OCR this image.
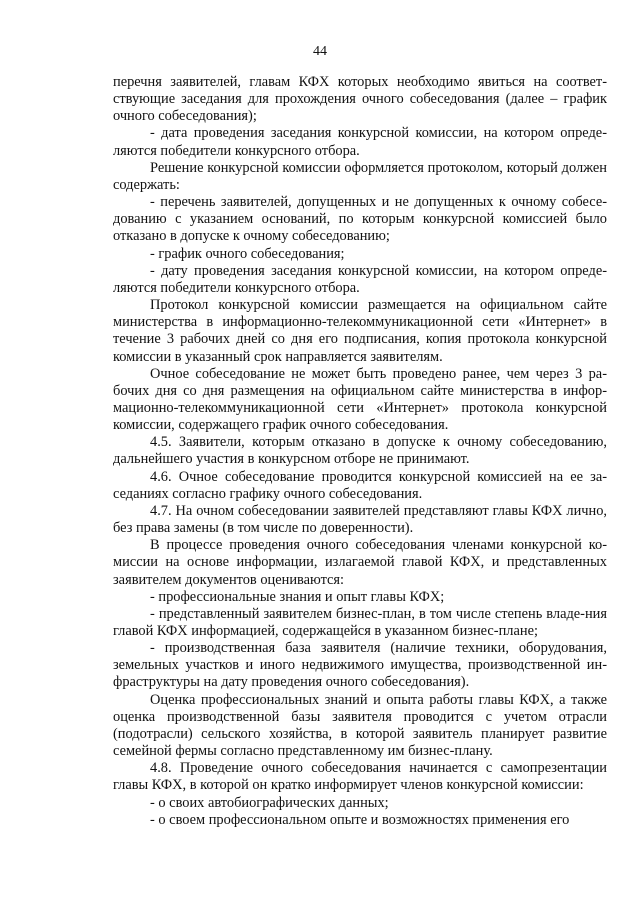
44

перечня заявителей, главам КФХ которых необходимо явиться на соответ-ствующие заседания для прохождения очного собеседования (далее – график очного собеседования);

- дата проведения заседания конкурсной комиссии, на котором опреде-ляются победители конкурсного отбора.

Решение конкурсной комиссии оформляется протоколом, который должен содержать:

- перечень заявителей, допущенных и не допущенных к очному собесе-дованию с указанием оснований, по которым конкурсной комиссией было отказано в допуске к очному собеседованию;

- график очного собеседования;

- дату проведения заседания конкурсной комиссии, на котором опреде-ляются победители конкурсного отбора.

Протокол конкурсной комиссии размещается на официальном сайте министерства в информационно-телекоммуникационной сети «Интернет» в течение 3 рабочих дней со дня его подписания, копия протокола конкурсной комиссии в указанный срок направляется заявителям.

Очное собеседование не может быть проведено ранее, чем через 3 ра-бочих дня со дня размещения на официальном сайте министерства в инфор-мационно-телекоммуникационной сети «Интернет» протокола конкурсной комиссии, содержащего график очного собеседования.

4.5. Заявители, которым отказано в допуске к очному собеседованию, дальнейшего участия в конкурсном отборе не принимают.

4.6. Очное собеседование проводится конкурсной комиссией на ее за-седаниях согласно графику очного собеседования.

4.7. На очном собеседовании заявителей представляют главы КФХ лично, без права замены (в том числе по доверенности).

В процессе проведения очного собеседования членами конкурсной ко-миссии на основе информации, излагаемой главой КФХ, и представленных заявителем документов оцениваются:

- профессиональные знания и опыт главы КФХ;

- представленный заявителем бизнес-план, в том числе степень владе-ния главой КФХ информацией, содержащейся в указанном бизнес-плане;

- производственная база заявителя (наличие техники, оборудования, земельных участков и иного недвижимого имущества, производственной ин-фраструктуры на дату проведения очного собеседования).

Оценка профессиональных знаний и опыта работы главы КФХ, а также оценка производственной базы заявителя проводится с учетом отрасли (подотрасли) сельского хозяйства, в которой заявитель планирует развитие семейной фермы согласно представленному им бизнес-плану.

4.8. Проведение очного собеседования начинается с самопрезентации главы КФХ, в которой он кратко информирует членов конкурсной комиссии:

- о своих автобиографических данных;

- о своем профессиональном опыте и возможностях применения его
